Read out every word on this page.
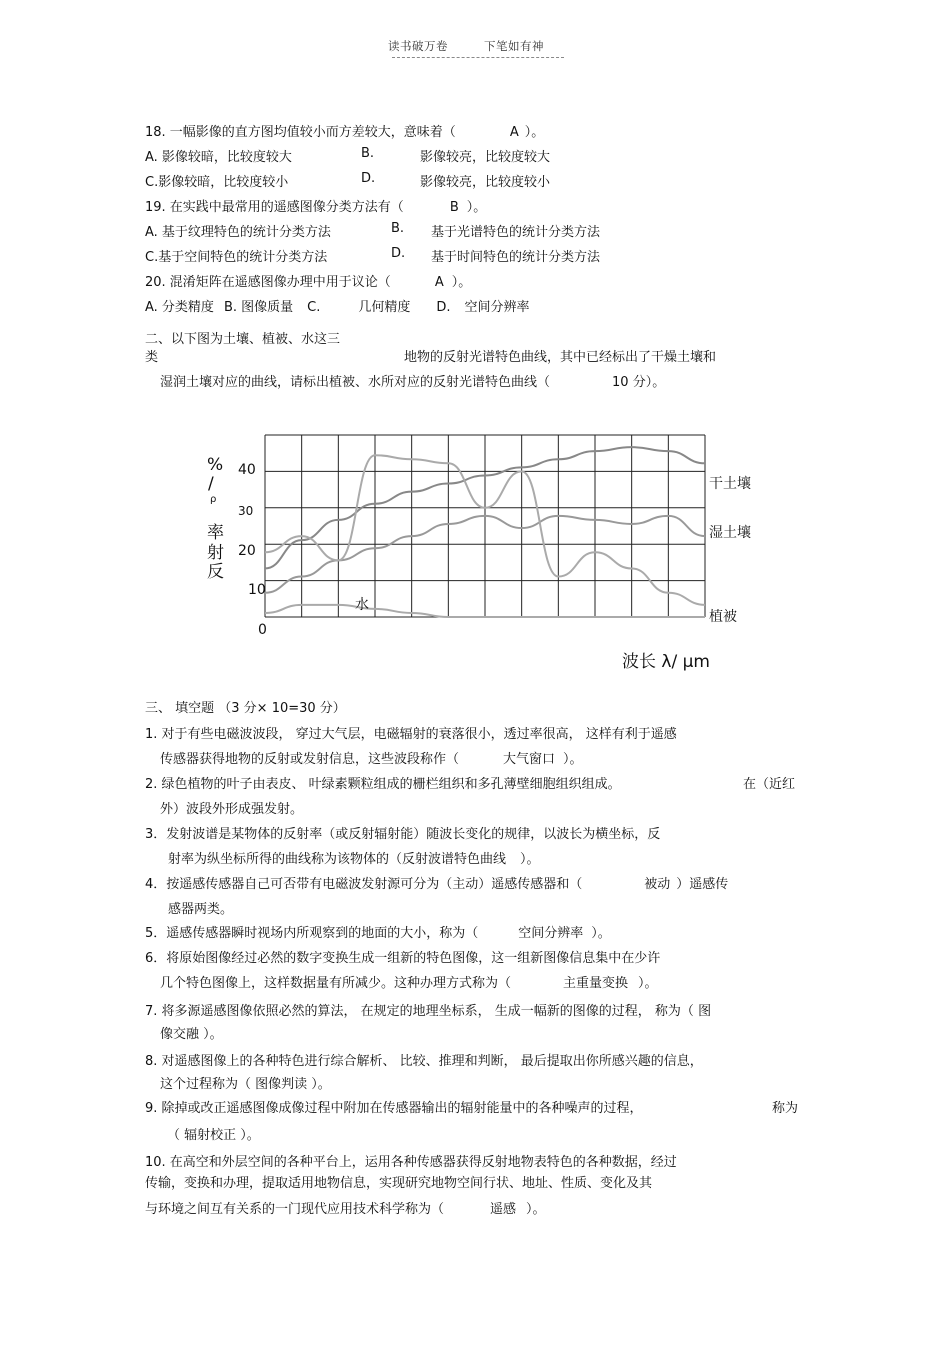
读书破万卷	下笔如有神
18. 一幅影像的直方图均值较小而方差较大，意味着（	A ）。
A. 影像较暗，比较度较大	B.	影像较亮，比较度较大
C.影像较暗，比较度较小	D.	影像较亮，比较度较小
19. 在实践中最常用的遥感图像分类方法有（	B ）。
A. 基于纹理特色的统计分类方法	B. 基于光谱特色的统计分类方法
C.基于空间特色的统计分类方法	D. 基于时间特色的统计分类方法
20. 混淆矩阵在遥感图像办理中用于议论（	A ）。
A. 分类精度 B. 图像质量 C.	几何精度 D. 空间分辨率
二、以下图为土壤、植被、水这三
类	地物的反射光谱特色曲线，其中已经标出了干燥土壤和
湿润土壤对应的曲线，请标出植被、水所对应的反射光谱特色曲线（	10 分）。
40
30
20
10
0
%
/
ρ
率
射
反
波长 λ/ μm
干土壤
湿土壤
水
植被
三、 填空题 （3 分× 10=30 分）
1. 对于有些电磁波波段， 穿过大气层，电磁辐射的衰落很小，透过率很高， 这样有利于遥感
传感器获得地物的反射或发射信息，这些波段称作（	大气窗口 ）。
2. 绿色植物的叶子由表皮、 叶绿素颗粒组成的栅栏组织和多孔薄壁细胞组织组成。	在（近红
外）波段外形成强发射。
3．发射波谱是某物体的反射率（或反射辐射能）随波长变化的规律，以波长为横坐标，反
射率为纵坐标所得的曲线称为该物体的（反射波谱特色曲线 ）。
4．按遥感传感器自己可否带有电磁波发射源可分为（主动）遥感传感器和（	被动 ）遥感传
感器两类。
5．遥感传感器瞬时视场内所观察到的地面的大小，称为（	空间分辨率 ）。
6．将原始图像经过必然的数字变换生成一组新的特色图像，这一组新图像信息集中在少许
几个特色图像上，这样数据量有所减少。这种办理方式称为（	主重量变换 ）。
7. 将多源遥感图像依照必然的算法， 在规定的地理坐标系， 生成一幅新的图像的过程， 称为（ 图
像交融 ）。
8. 对遥感图像上的各种特色进行综合解析、 比较、推理和判断， 最后提取出你所感兴趣的信息，
这个过程称为（ 图像判读 ）。
9. 除掉或改正遥感图像成像过程中附加在传感器输出的辐射能量中的各种噪声的过程，	称为
（ 辐射校正 ）。
10. 在高空和外层空间的各种平台上，运用各种传感器获得反射地物表特色的各种数据，经过
传输，变换和办理，提取适用地物信息，实现研究地物空间行状、地址、性质、变化及其
与环境之间互有关系的一门现代应用技术科学称为（	遥感 ）。
